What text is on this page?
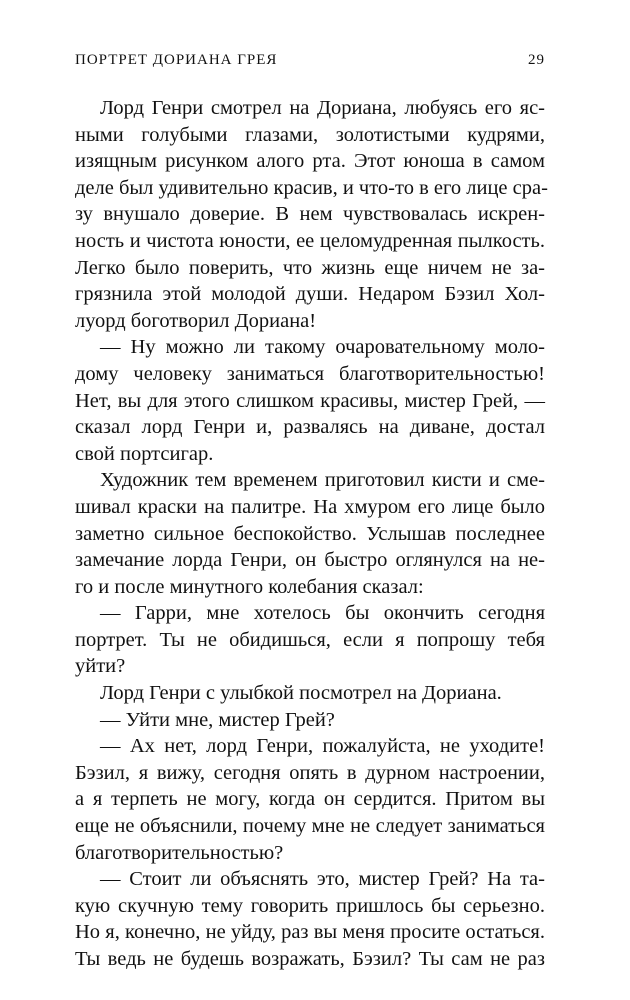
ПОРТРЕТ ДОРИАНА ГРЕЯ	29
Лорд Генри смотрел на Дориана, любуясь его яс-
ными голубыми глазами, золотистыми кудрями,
изящным рисунком алого рта. Этот юноша в самом
деле был удивительно красив, и что-то в его лице сра-
зу внушало доверие. В нем чувствовалась искрен-
ность и чистота юности, ее целомудренная пылкость.
Легко было поверить, что жизнь еще ничем не за-
грязнила этой молодой души. Недаром Бэзил Хол-
луорд боготворил Дориана!
— Ну можно ли такому очаровательному моло-
дому человеку заниматься благотворительностью!
Нет, вы для этого слишком красивы, мистер Грей, —
сказал лорд Генри и, развалясь на диване, достал
свой портсигар.
Художник тем временем приготовил кисти и сме-
шивал краски на палитре. На хмуром его лице было
заметно сильное беспокойство. Услышав последнее
замечание лорда Генри, он быстро оглянулся на не-
го и после минутного колебания сказал:
— Гарри, мне хотелось бы окончить сегодня
портрет. Ты не обидишься, если я попрошу тебя
уйти?
Лорд Генри с улыбкой посмотрел на Дориана.
— Уйти мне, мистер Грей?
— Ах нет, лорд Генри, пожалуйста, не уходите!
Бэзил, я вижу, сегодня опять в дурном настроении,
а я терпеть не могу, когда он сердится. Притом вы
еще не объяснили, почему мне не следует заниматься
благотворительностью?
— Стоит ли объяснять это, мистер Грей? На та-
кую скучную тему говорить пришлось бы серьезно.
Но я, конечно, не уйду, раз вы меня просите остаться.
Ты ведь не будешь возражать, Бэзил? Ты сам не раз
